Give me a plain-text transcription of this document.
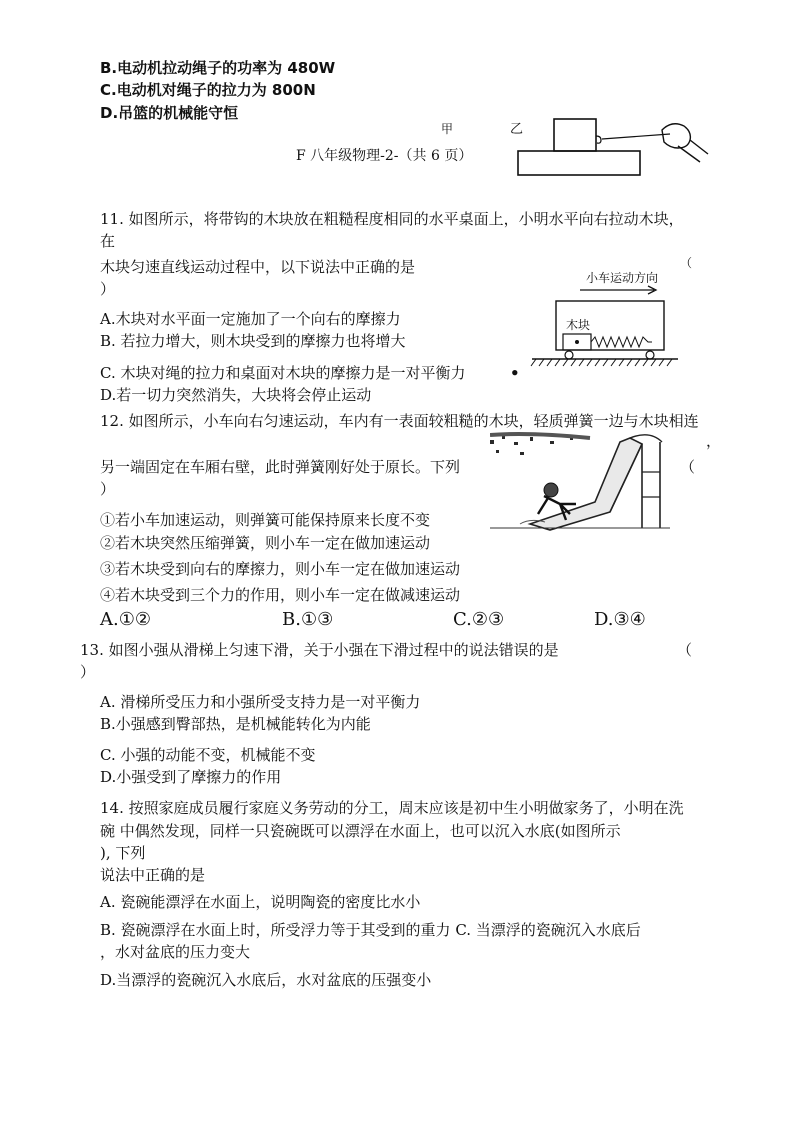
B.电动机拉动绳子的功率为 480W
C.电动机对绳子的拉力为 800N
D.吊篮的机械能守恒
甲	乙
F 八年级物理-2-（共 6 页）
11. 如图所示，将带钩的木块放在粗糙程度相同的水平桌面上，小明水平向右拉动木块，
在
木块匀速直线运动过程中，以下说法中正确的是	（
）
A.木块对水平面一定施加了一个向右的摩擦力
B. 若拉力增大，则木块受到的摩擦力也将增大
C. 木块对绳的拉力和桌面对木块的摩擦力是一对平衡力	•
D.若一切力突然消失，大块将会停止运动
小车运动方向
木块
12. 如图所示，小车向右匀速运动，车内有一表面较粗糙的木块，轻质弹簧一边与木块相连
，
另一端固定在车厢右壁，此时弹簧刚好处于原长。下列	（
）
①若小车加速运动，则弹簧可能保持原来长度不变
②若木块突然压缩弹簧，则小车一定在做加速运动
③若木块受到向右的摩擦力，则小车一定在做加速运动
④若木块受到三个力的作用，则小车一定在做减速运动
A.①②	B.①③	C.②③	D.③④
13. 如图小强从滑梯上匀速下滑，关于小强在下滑过程中的说法错误的是	（
）
A. 滑梯所受压力和小强所受支持力是一对平衡力
B.小强感到臀部热，是机械能转化为内能
C. 小强的动能不变，机械能不变
D.小强受到了摩擦力的作用
14. 按照家庭成员履行家庭义务劳动的分工，周末应该是初中生小明做家务了，小明在洗
碗 中偶然发现，同样一只瓷碗既可以漂浮在水面上，也可以沉入水底(如图所示
), 下列
说法中正确的是
A. 瓷碗能漂浮在水面上，说明陶瓷的密度比水小
B. 瓷碗漂浮在水面上时，所受浮力等于其受到的重力 C. 当漂浮的瓷碗沉入水底后
，水对盆底的压力变大
D.当漂浮的瓷碗沉入水底后，水对盆底的压强变小
